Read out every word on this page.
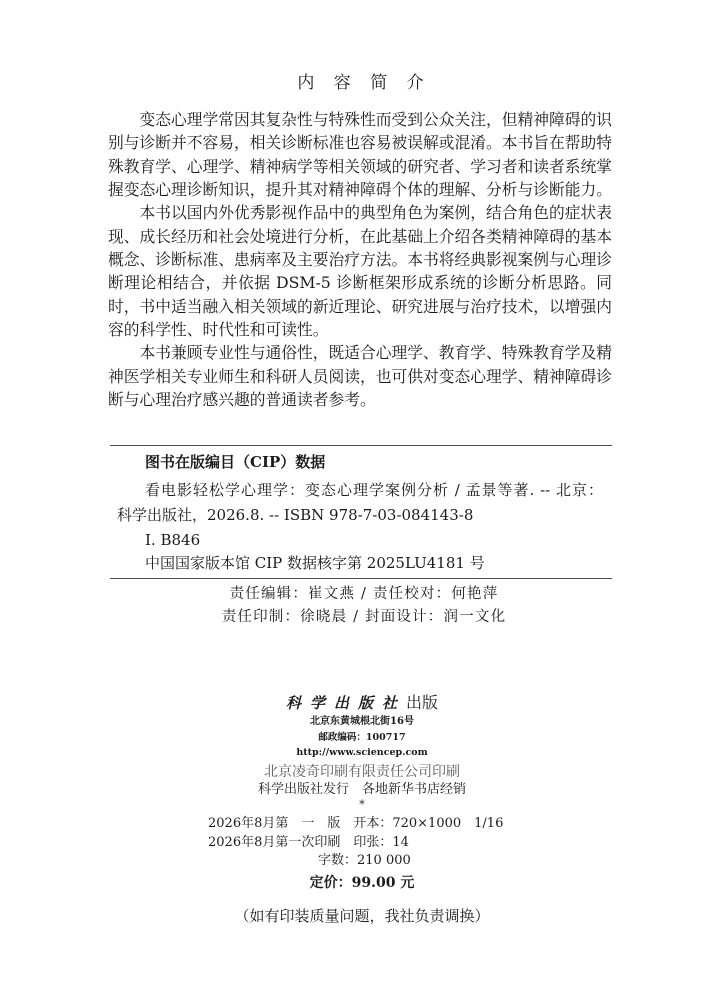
内 容 简 介

变态心理学常因其复杂性与特殊性而受到公众关注，但精神障碍的识别与诊断并不容易，相关诊断标准也容易被误解或混淆。本书旨在帮助特殊教育学、心理学、精神病学等相关领域的研究者、学习者和读者系统掌握变态心理诊断知识，提升其对精神障碍个体的理解、分析与诊断能力。

本书以国内外优秀影视作品中的典型角色为案例，结合角色的症状表现、成长经历和社会处境进行分析，在此基础上介绍各类精神障碍的基本概念、诊断标准、患病率及主要治疗方法。本书将经典影视案例与心理诊断理论相结合，并依据 DSM-5 诊断框架形成系统的诊断分析思路。同时，书中适当融入相关领域的新近理论、研究进展与治疗技术，以增强内容的科学性、时代性和可读性。

本书兼顾专业性与通俗性，既适合心理学、教育学、特殊教育学及精神医学相关专业师生和科研人员阅读，也可供对变态心理学、精神障碍诊断与心理治疗感兴趣的普通读者参考。

图书在版编目（CIP）数据
看电影轻松学心理学：变态心理学案例分析 / 孟景等著. -- 北京：
科学出版社，2026.8. -- ISBN 978-7-03-084143-8
Ⅰ. B846
中国国家版本馆 CIP 数据核字第 2025LU4181 号
责任编辑：崔文燕 / 责任校对：何艳萍
责任印制：徐晓晨 / 封面设计：润一文化
科学出版社出版
北京东黄城根北街16号
邮政编码：100717
http://www.sciencep.com
北京凌奇印刷有限责任公司印刷
科学出版社发行　各地新华书店经销
*
2026年8月第　一　版　开本：720×1000　1/16
2026年8月第一次印刷　印张：14
字数：210 000
定价：99.00 元
（如有印装质量问题，我社负责调换）
